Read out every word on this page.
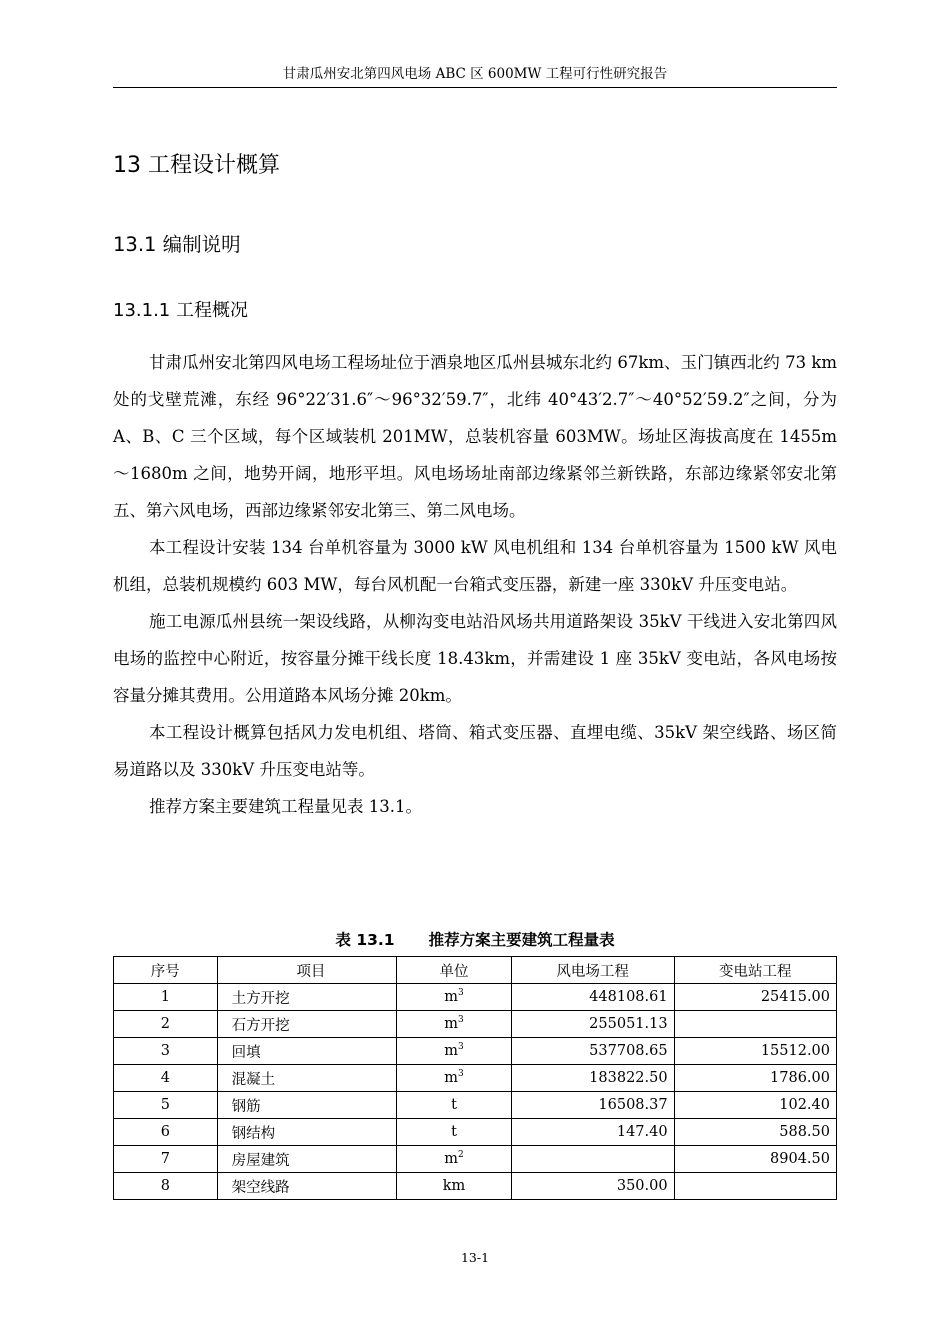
甘肃瓜州安北第四风电场 ABC 区 600MW 工程可行性研究报告
13 工程设计概算
13.1 编制说明
13.1.1 工程概况

甘肃瓜州安北第四风电场工程场址位于酒泉地区瓜州县城东北约 67km、玉门镇西北约 73 km 处的戈壁荒滩，东经 96°22′31.6″～96°32′59.7″，北纬 40°43′2.7″～40°52′59.2″之间，分为 A、B、C 三个区域，每个区域装机 201MW，总装机容量 603MW。场址区海拔高度在 1455m～1680m 之间，地势开阔，地形平坦。风电场场址南部边缘紧邻兰新铁路，东部边缘紧邻安北第五、第六风电场，西部边缘紧邻安北第三、第二风电场。

本工程设计安装 134 台单机容量为 3000 kW 风电机组和 134 台单机容量为 1500 kW 风电机组，总装机规模约 603 MW，每台风机配一台箱式变压器，新建一座 330kV 升压变电站。

施工电源瓜州县统一架设线路，从柳沟变电站沿风场共用道路架设 35kV 干线进入安北第四风电场的监控中心附近，按容量分摊干线长度 18.43km，并需建设 1 座 35kV 变电站，各风电场按容量分摊其费用。公用道路本风场分摊 20km。

本工程设计概算包括风力发电机组、塔筒、箱式变压器、直埋电缆、35kV 架空线路、场区简易道路以及 330kV 升压变电站等。

推荐方案主要建筑工程量见表 13.1。

表 13.1 推荐方案主要建筑工程量表
序号	项目	单位	风电场工程	变电站工程
1	土方开挖	$m^3$	448108.61	25415.00
2	石方开挖	$m^3$	255051.13	
3	回填	$m^3$	537708.65	15512.00
4	混凝土	$m^3$	183822.50	1786.00
5	钢筋	t	16508.37	102.40
6	钢结构	t	147.40	588.50
7	房屋建筑	$m^2$		8904.50
8	架空线路	km	350.00	
13-1
